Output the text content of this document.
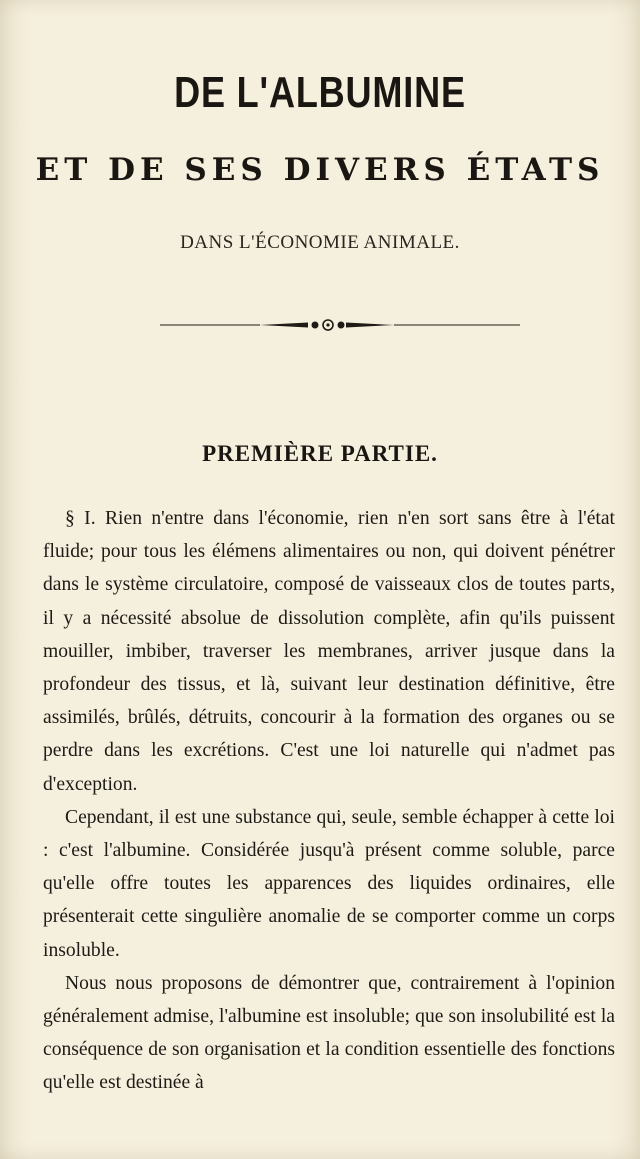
DE L'ALBUMINE
ET DE SES DIVERS ÉTATS
DANS L'ÉCONOMIE ANIMALE.
PREMIÈRE PARTIE.

§ I. Rien n'entre dans l'économie, rien n'en sort sans être à l'état fluide; pour tous les élémens alimentaires ou non, qui doivent pénétrer dans le système circulatoire, composé de vaisseaux clos de toutes parts, il y a nécessité absolue de dissolution complète, afin qu'ils puissent mouiller, imbiber, traverser les membranes, arriver jusque dans la profondeur des tissus, et là, suivant leur destination définitive, être assimilés, brûlés, détruits, concourir à la formation des organes ou se perdre dans les excrétions. C'est une loi naturelle qui n'admet pas d'exception.

Cependant, il est une substance qui, seule, semble échapper à cette loi : c'est l'albumine. Considérée jusqu'à présent comme soluble, parce qu'elle offre toutes les apparences des liquides ordinaires, elle présenterait cette singulière anomalie de se comporter comme un corps insoluble.

Nous nous proposons de démontrer que, contrairement à l'opinion généralement admise, l'albumine est insoluble; que son insolubilité est la conséquence de son organisation et la condition essentielle des fonctions qu'elle est destinée à
